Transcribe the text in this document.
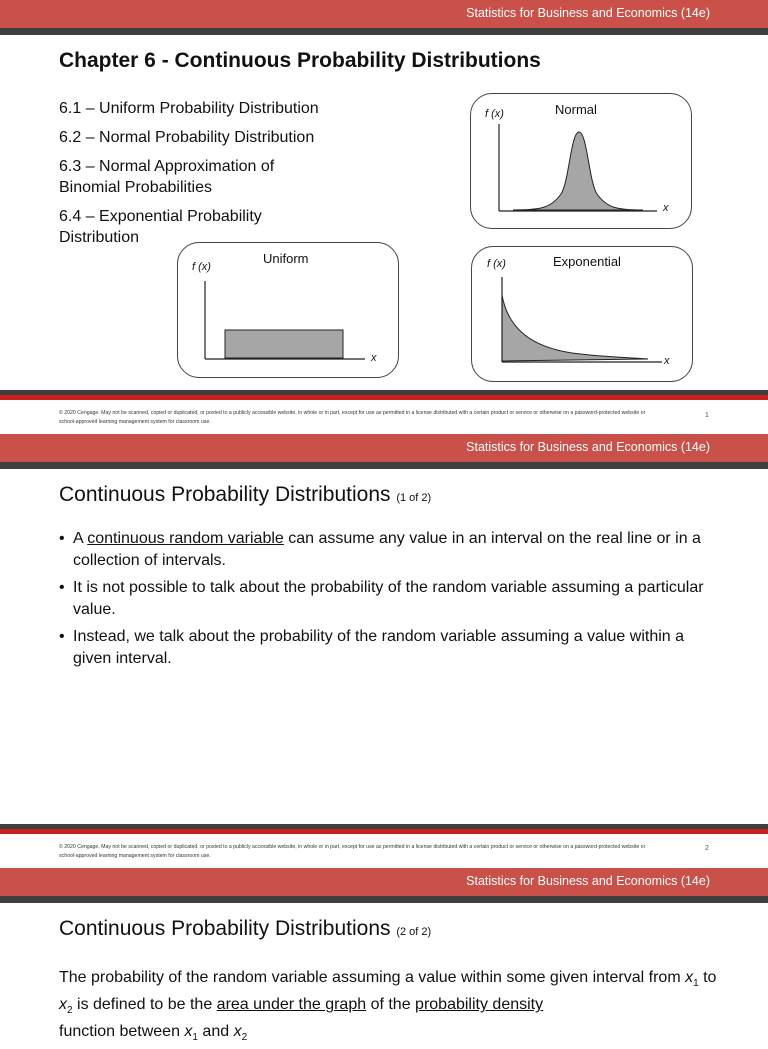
Statistics for Business and Economics (14e)
Chapter 6 - Continuous Probability Distributions
6.1 – Uniform Probability Distribution
6.2 – Normal Probability Distribution
6.3 – Normal Approximation of Binomial Probabilities
6.4 – Exponential Probability Distribution
f (x)	Normal
x
f (x)
Uniform
x
f (x)	Exponential
x
© 2020 Cengage. May not be scanned, copied or duplicated, or posted to a publicly accessible website, in whole or in part, except for use as permitted in a license distributed with a certain product or service or otherwise on a password-protected website or school-approved learning management system for classroom use.
1
Statistics for Business and Economics (14e)
Continuous Probability Distributions (1 of 2)
• A continuous random variable can assume any value in an interval on the real line or in a collection of intervals.
• It is not possible to talk about the probability of the random variable assuming a particular value.
• Instead, we talk about the probability of the random variable assuming a value within a given interval.
© 2020 Cengage. May not be scanned, copied or duplicated, or posted to a publicly accessible website, in whole or in part, except for use as permitted in a license distributed with a certain product or service or otherwise on a password-protected website or school-approved learning management system for classroom use.
2
Statistics for Business and Economics (14e)
Continuous Probability Distributions (2 of 2)
The probability of the random variable assuming a value within some given interval from $x_1$ to $x_2$ is defined to be the area under the graph of the probability density
function between $x_1$ and $x_2$
